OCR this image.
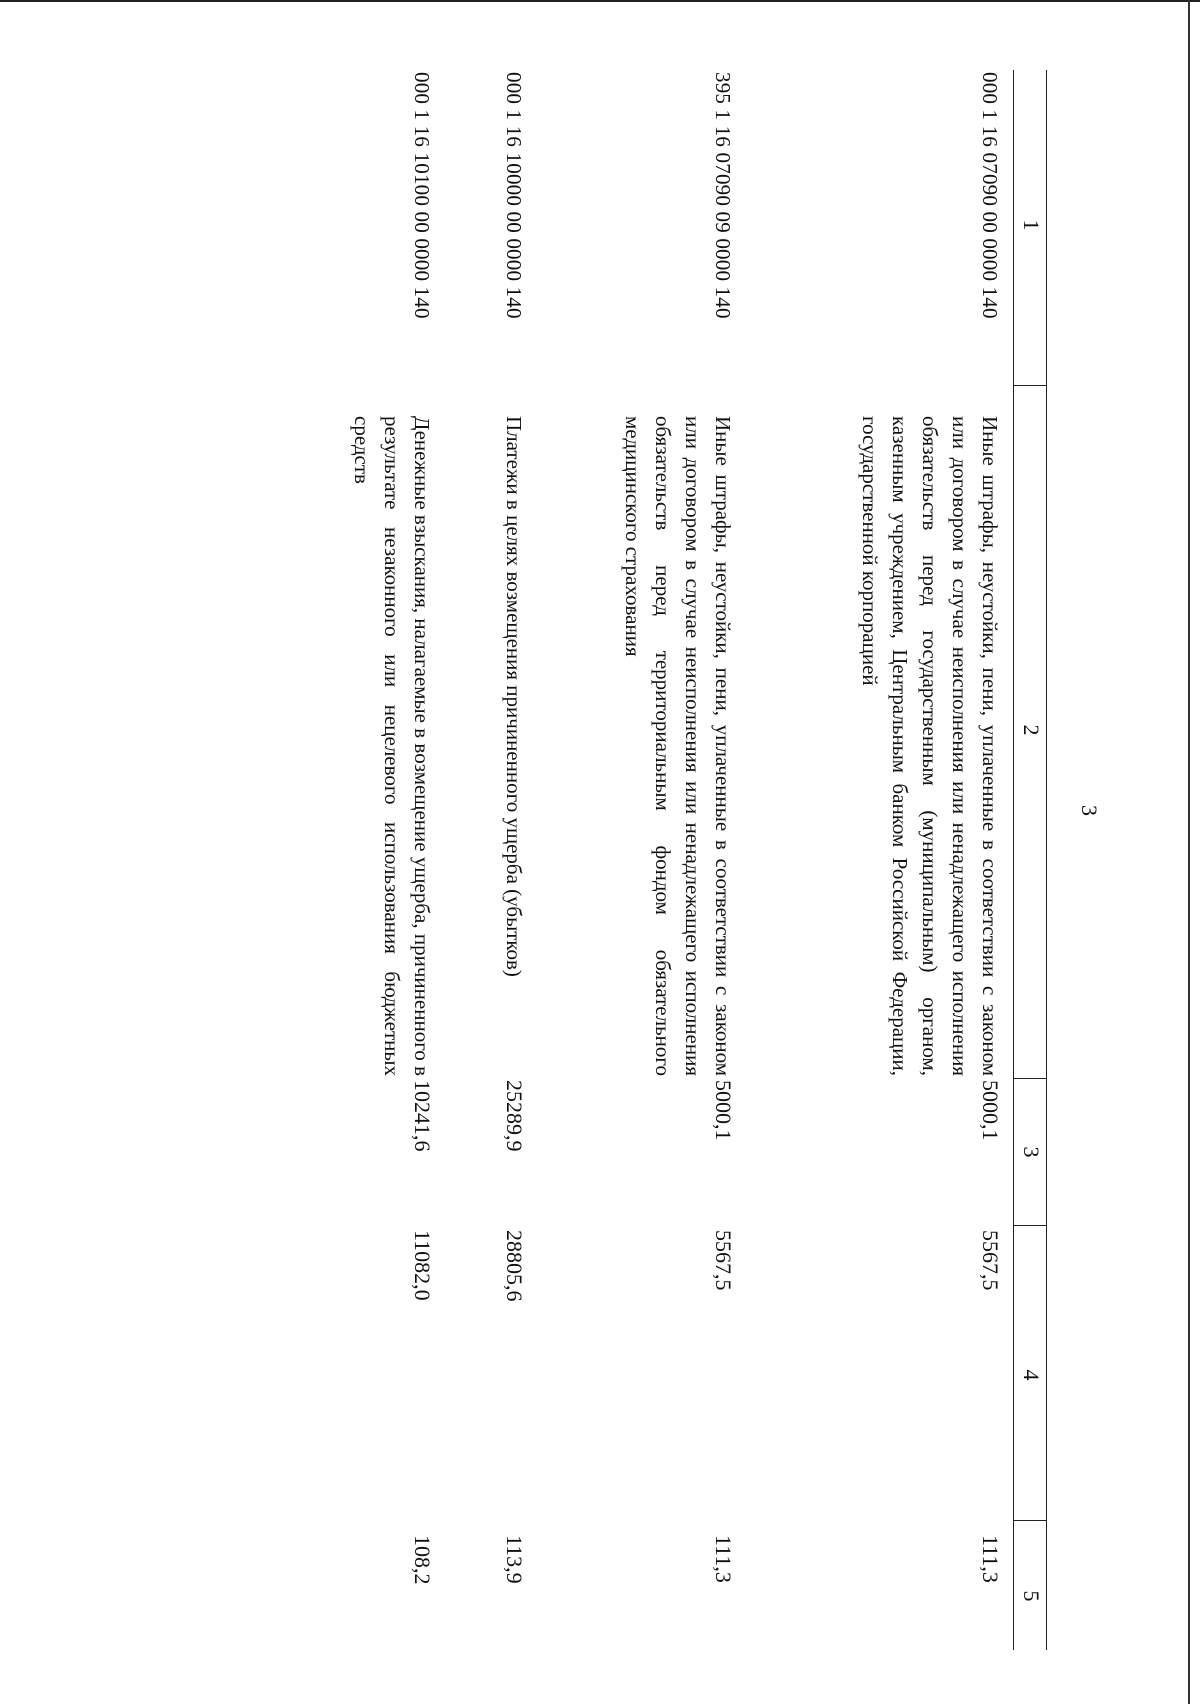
3
1
2
3
4
5
000 1 16 07090 00 0000 140
Иные штрафы, неустойки, пени, уплаченные в соответствии с законом или договором в случае неисполнения или ненадлежащего исполнения обязательств перед государственным (муниципальным) органом, казенным учреждением, Центральным банком Российской Федерации, государственной корпорацией
5000,1
5567,5
111,3
395 1 16 07090 09 0000 140
Иные штрафы, неустойки, пени, уплаченные в соответствии с законом или договором в случае неисполнения или ненадлежащего исполнения обязательств перед территориальным фондом обязательного медицинского страхования
5000,1
5567,5
111,3
000 1 16 10000 00 0000 140
Платежи в целях возмещения причиненного ущерба (убытков)
25289,9
28805,6
113,9
000 1 16 10100 00 0000 140
Денежные взыскания, налагаемые в возмещение ущерба, причиненного в результате незаконного или нецелевого использования бюджетных средств
10241,6
11082,0
108,2
